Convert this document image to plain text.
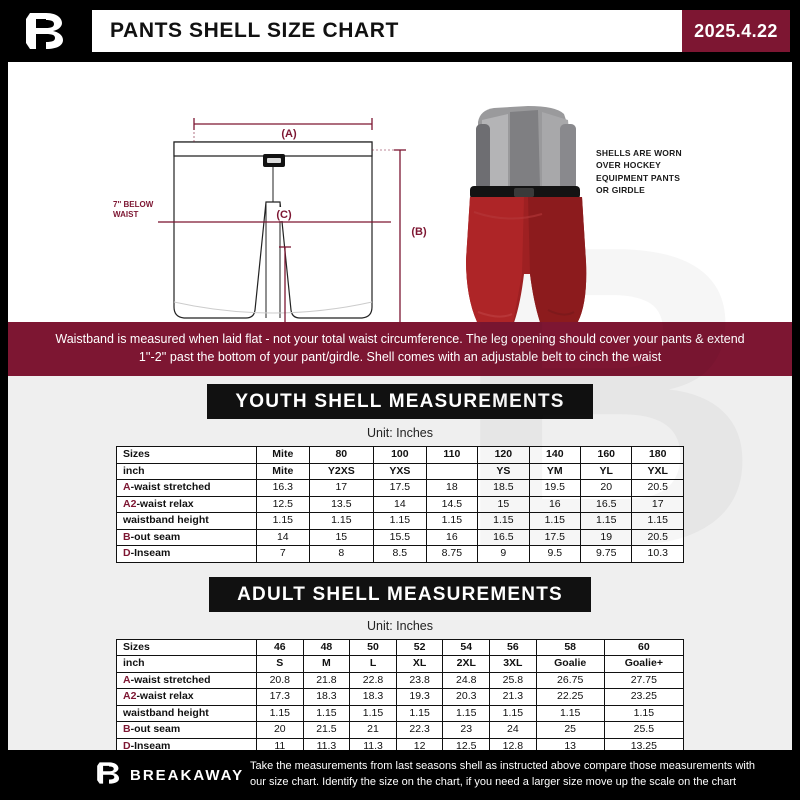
PANTS SHELL SIZE CHART	2025.4.22
(A)
(C)
(B)
7'' BELOW
WAIST
SHELLS ARE WORN
OVER HOCKEY
EQUIPMENT PANTS
OR GIRDLE
Waistband is measured when laid flat - not your total waist circumference. The leg opening should cover your pants & extend 1''-2'' past the bottom of your pant/girdle. Shell comes with an adjustable belt to cinch the waist
YOUTH SHELL MEASUREMENTS
Unit: Inches
Sizes	Mite	80	100	110	120	140	160	180
inch	Mite	Y2XS	YXS		YS	YM	YL	YXL
A-waist stretched	16.3	17	17.5	18	18.5	19.5	20	20.5
A2-waist relax	12.5	13.5	14	14.5	15	16	16.5	17
waistband height	1.15	1.15	1.15	1.15	1.15	1.15	1.15	1.15
B-out seam	14	15	15.5	16	16.5	17.5	19	20.5
D-Inseam	7	8	8.5	8.75	9	9.5	9.75	10.3
ADULT SHELL MEASUREMENTS
Unit: Inches
Sizes	46	48	50	52	54	56	58	60
inch	S	M	L	XL	2XL	3XL	Goalie	Goalie+
A-waist stretched	20.8	21.8	22.8	23.8	24.8	25.8	26.75	27.75
A2-waist relax	17.3	18.3	18.3	19.3	20.3	21.3	22.25	23.25
waistband height	1.15	1.15	1.15	1.15	1.15	1.15	1.15	1.15
B-out seam	20	21.5	21	22.3	23	24	25	25.5
D-Inseam	11	11.3	11.3	12	12.5	12.8	13	13.25
BREAKAWAY
Take the measurements from last seasons shell as instructed above compare those measurements with our size chart. Identify the size on the chart, if you need a larger size move up the scale on the chart
